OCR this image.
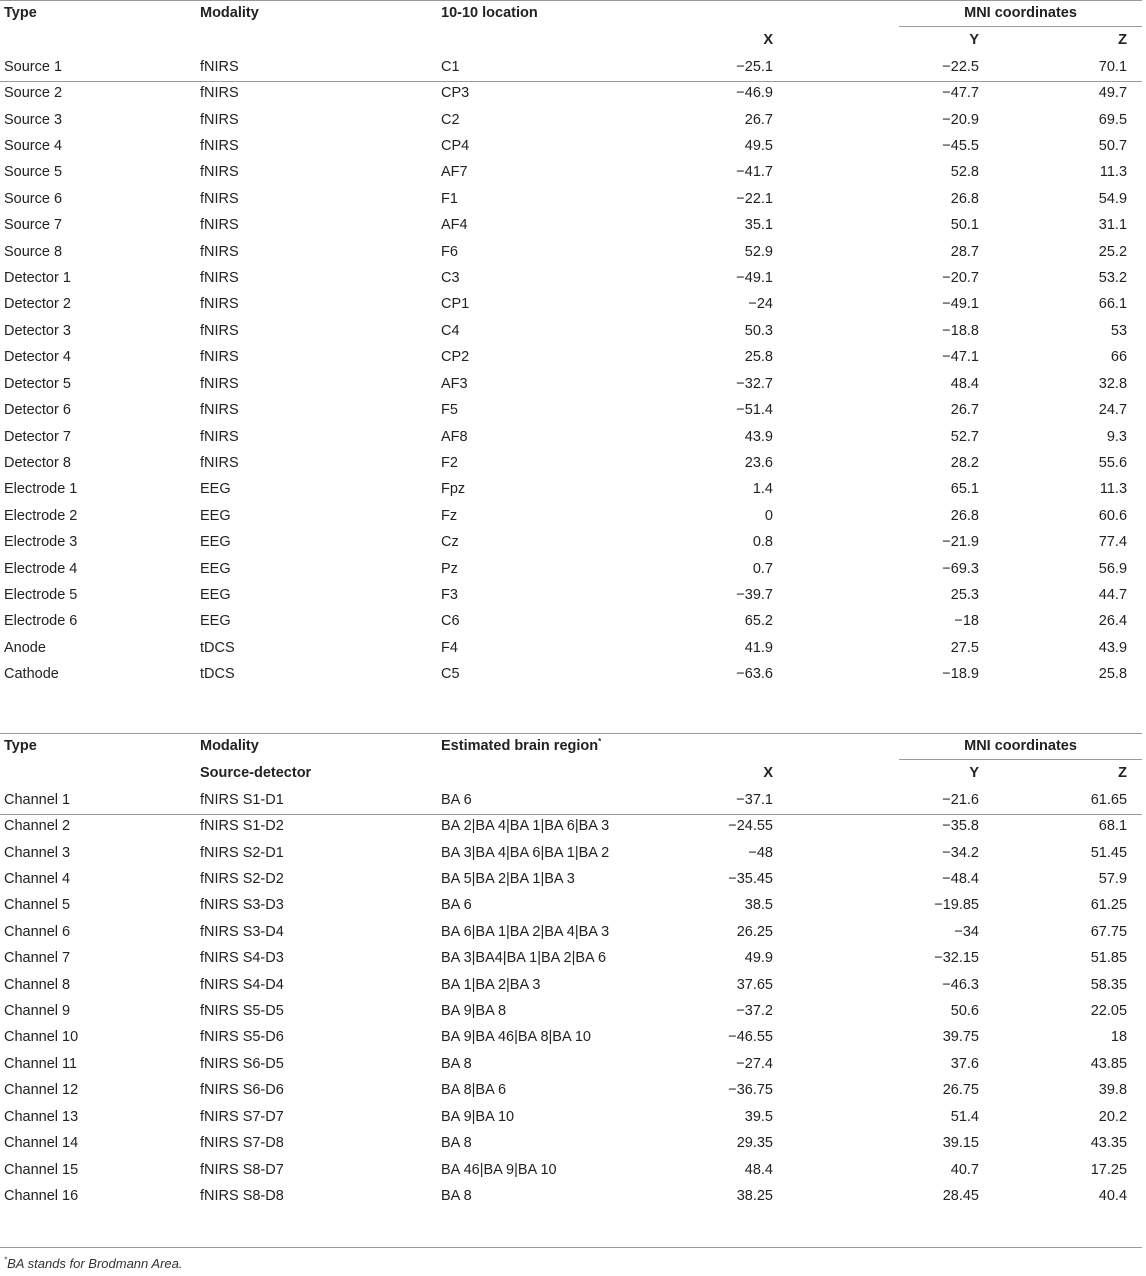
Type	Modality	10-10 location		MNI coordinates	
			X	Y	Z
Source 1	fNIRS	C1	−25.1	−22.5	70.1
Source 2	fNIRS	CP3	−46.9	−47.7	49.7
Source 3	fNIRS	C2	26.7	−20.9	69.5
Source 4	fNIRS	CP4	49.5	−45.5	50.7
Source 5	fNIRS	AF7	−41.7	52.8	11.3
Source 6	fNIRS	F1	−22.1	26.8	54.9
Source 7	fNIRS	AF4	35.1	50.1	31.1
Source 8	fNIRS	F6	52.9	28.7	25.2
Detector 1	fNIRS	C3	−49.1	−20.7	53.2
Detector 2	fNIRS	CP1	−24	−49.1	66.1
Detector 3	fNIRS	C4	50.3	−18.8	53
Detector 4	fNIRS	CP2	25.8	−47.1	66
Detector 5	fNIRS	AF3	−32.7	48.4	32.8
Detector 6	fNIRS	F5	−51.4	26.7	24.7
Detector 7	fNIRS	AF8	43.9	52.7	9.3
Detector 8	fNIRS	F2	23.6	28.2	55.6
Electrode 1	EEG	Fpz	1.4	65.1	11.3
Electrode 2	EEG	Fz	0	26.8	60.6
Electrode 3	EEG	Cz	0.8	−21.9	77.4
Electrode 4	EEG	Pz	0.7	−69.3	56.9
Electrode 5	EEG	F3	−39.7	25.3	44.7
Electrode 6	EEG	C6	65.2	−18	26.4
Anode	tDCS	F4	41.9	27.5	43.9
Cathode	tDCS	C5	−63.6	−18.9	25.8
Type	Modality	Estimated brain region*		MNI coordinates	
	Source-detector		X	Y	Z
Channel 1	fNIRS S1-D1	BA 6	−37.1	−21.6	61.65
Channel 2	fNIRS S1-D2	BA 2|BA 4|BA 1|BA 6|BA 3	−24.55	−35.8	68.1
Channel 3	fNIRS S2-D1	BA 3|BA 4|BA 6|BA 1|BA 2	−48	−34.2	51.45
Channel 4	fNIRS S2-D2	BA 5|BA 2|BA 1|BA 3	−35.45	−48.4	57.9
Channel 5	fNIRS S3-D3	BA 6	38.5	−19.85	61.25
Channel 6	fNIRS S3-D4	BA 6|BA 1|BA 2|BA 4|BA 3	26.25	−34	67.75
Channel 7	fNIRS S4-D3	BA 3|BA4|BA 1|BA 2|BA 6	49.9	−32.15	51.85
Channel 8	fNIRS S4-D4	BA 1|BA 2|BA 3	37.65	−46.3	58.35
Channel 9	fNIRS S5-D5	BA 9|BA 8	−37.2	50.6	22.05
Channel 10	fNIRS S5-D6	BA 9|BA 46|BA 8|BA 10	−46.55	39.75	18
Channel 11	fNIRS S6-D5	BA 8	−27.4	37.6	43.85
Channel 12	fNIRS S6-D6	BA 8|BA 6	−36.75	26.75	39.8
Channel 13	fNIRS S7-D7	BA 9|BA 10	39.5	51.4	20.2
Channel 14	fNIRS S7-D8	BA 8	29.35	39.15	43.35
Channel 15	fNIRS S8-D7	BA 46|BA 9|BA 10	48.4	40.7	17.25
Channel 16	fNIRS S8-D8	BA 8	38.25	28.45	40.4
*BA stands for Brodmann Area.
